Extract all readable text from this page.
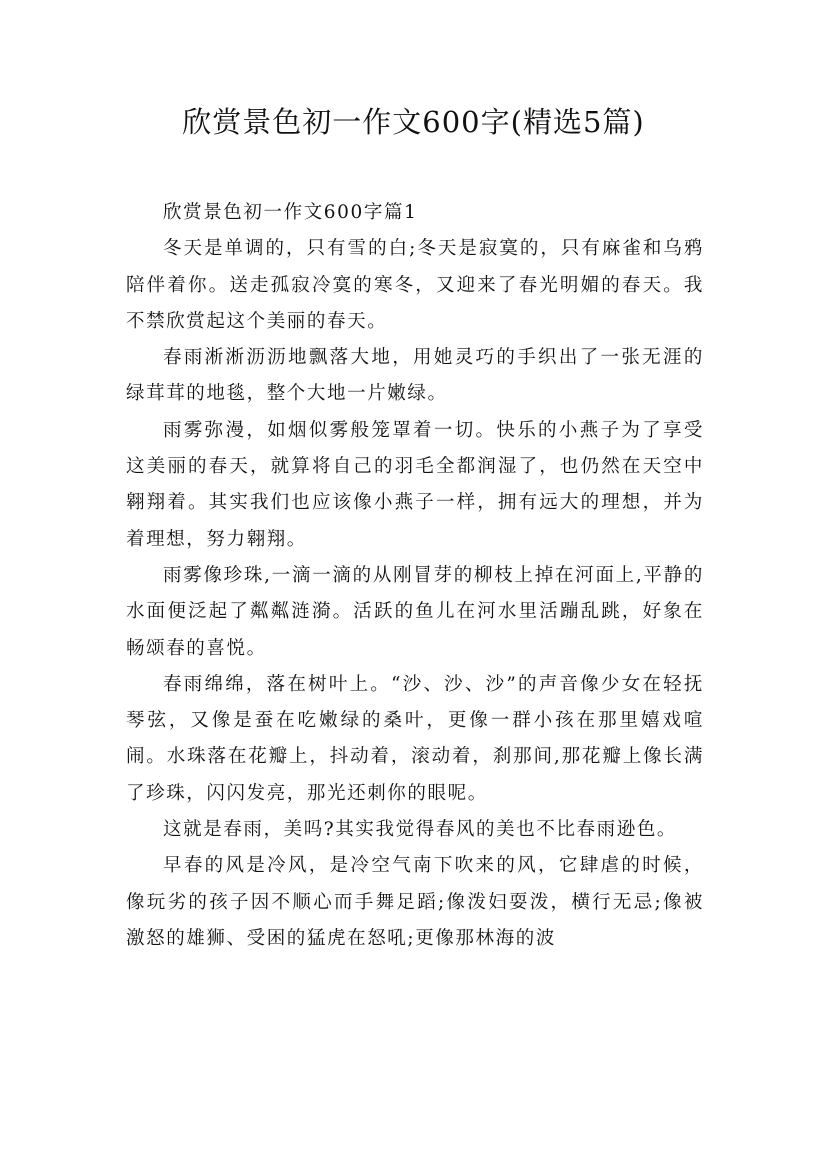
欣赏景色初一作文600字(精选5篇)

欣赏景色初一作文600字篇1

冬天是单调的，只有雪的白;冬天是寂寞的，只有麻雀和乌鸦陪伴着你。送走孤寂冷寞的寒冬，又迎来了春光明媚的春天。我不禁欣赏起这个美丽的春天。

春雨淅淅沥沥地飘落大地，用她灵巧的手织出了一张无涯的绿茸茸的地毯，整个大地一片嫩绿。

雨雾弥漫，如烟似雾般笼罩着一切。快乐的小燕子为了享受这美丽的春天，就算将自己的羽毛全都润湿了，也仍然在天空中翱翔着。其实我们也应该像小燕子一样，拥有远大的理想，并为着理想，努力翱翔。

雨雾像珍珠,一滴一滴的从刚冒芽的柳枝上掉在河面上,平静的水面便泛起了粼粼涟漪。活跃的鱼儿在河水里活蹦乱跳，好象在畅颂春的喜悦。

春雨绵绵，落在树叶上。“沙、沙、沙”的声音像少女在轻抚琴弦，又像是蚕在吃嫩绿的桑叶，更像一群小孩在那里嬉戏喧闹。水珠落在花瓣上，抖动着，滚动着，刹那间,那花瓣上像长满了珍珠，闪闪发亮，那光还刺你的眼呢。

这就是春雨，美吗?其实我觉得春风的美也不比春雨逊色。

早春的风是冷风，是冷空气南下吹来的风，它肆虐的时候，像玩劣的孩子因不顺心而手舞足蹈;像泼妇耍泼，横行无忌;像被激怒的雄狮、受困的猛虎在怒吼;更像那林海的波
